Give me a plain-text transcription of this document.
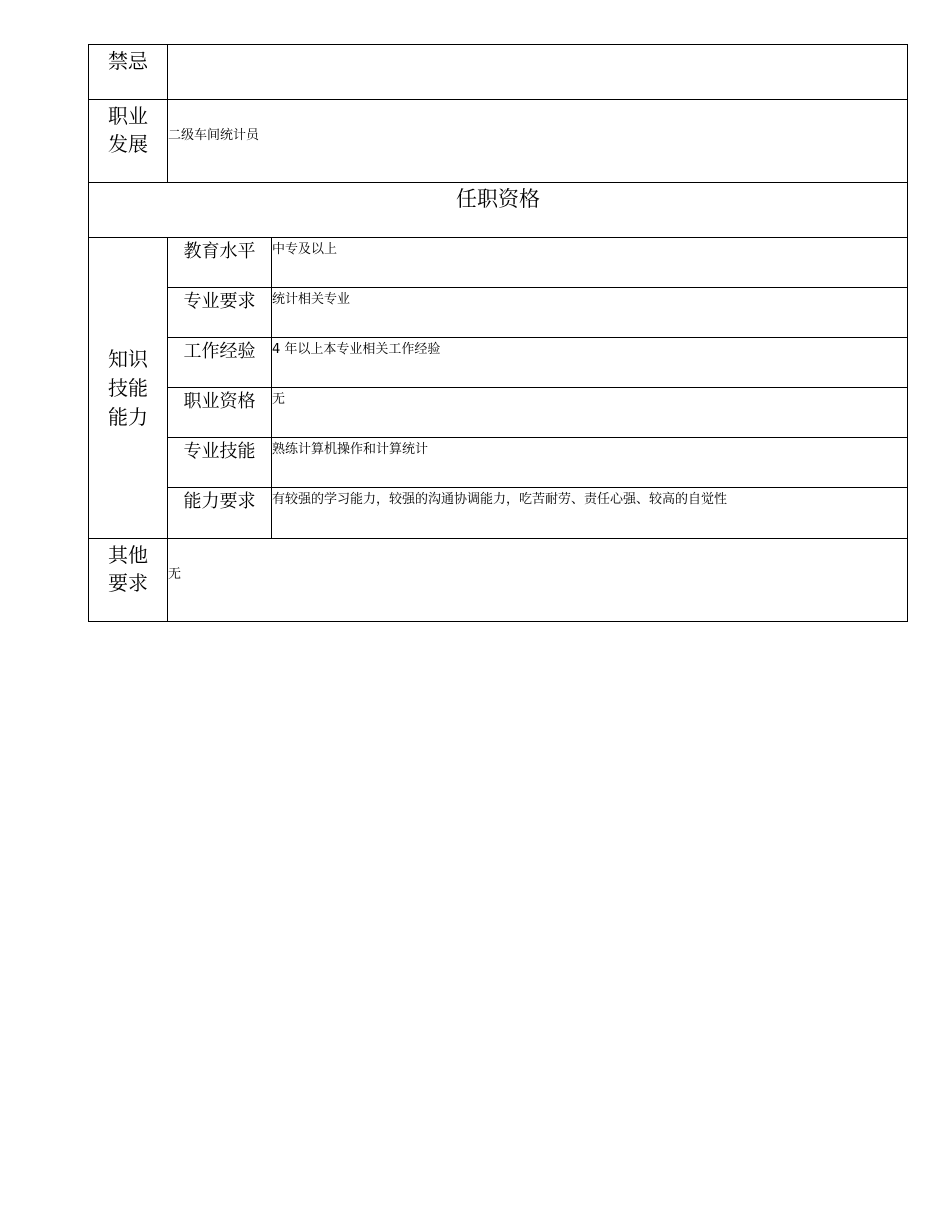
禁忌		

职业
发展	二级车间统计员	
任职资格		

知识
技能
能力	教育水平	中专及以上
	专业要求	统计相关专业
	工作经验	4 年以上本专业相关工作经验
	职业资格	无
	专业技能	熟练计算机操作和计算统计
	能力要求	有较强的学习能力，较强的沟通协调能力，吃苦耐劳、责任心强、较高的自觉性

其他
要求	无	
